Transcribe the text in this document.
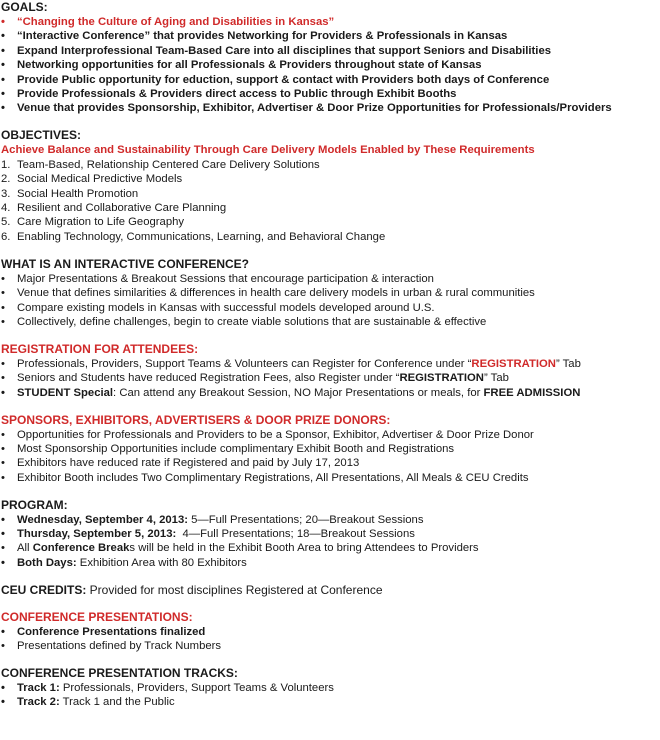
GOALS:
•	“Changing the Culture of Aging and Disabilities in Kansas”
•	“Interactive Conference” that provides Networking for Providers & Professionals in Kansas
•	Expand Interprofessional Team-Based Care into all disciplines that support Seniors and Disabilities
•	Networking opportunities for all Professionals & Providers throughout state of Kansas
•	Provide Public opportunity for eduction, support & contact with Providers both days of Conference
•	Provide Professionals & Providers direct access to Public through Exhibit Booths
•	Venue that provides Sponsorship, Exhibitor, Advertiser & Door Prize Opportunities for Professionals/Providers
OBJECTIVES:
Achieve Balance and Sustainability Through Care Delivery Models Enabled by These Requirements
1. Team-Based, Relationship Centered Care Delivery Solutions
2. Social Medical Predictive Models
3. Social Health Promotion
4. Resilient and Collaborative Care Planning
5. Care Migration to Life Geography
6. Enabling Technology, Communications, Learning, and Behavioral Change
WHAT IS AN INTERACTIVE CONFERENCE?
•	Major Presentations & Breakout Sessions that encourage participation & interaction
•	Venue that defines similarities & differences in health care delivery models in urban & rural communities
•	Compare existing models in Kansas with successful models developed around U.S.
•	Collectively, define challenges, begin to create viable solutions that are sustainable & effective
REGISTRATION FOR ATTENDEES:
•	Professionals, Providers, Support Teams & Volunteers can Register for Conference under “REGISTRATION” Tab
•	Seniors and Students have reduced Registration Fees, also Register under “REGISTRATION” Tab
•	STUDENT Special: Can attend any Breakout Session, NO Major Presentations or meals, for FREE ADMISSION
SPONSORS, EXHIBITORS, ADVERTISERS & DOOR PRIZE DONORS:
•	Opportunities for Professionals and Providers to be a Sponsor, Exhibitor, Advertiser & Door Prize Donor
•	Most Sponsorship Opportunities include complimentary Exhibit Booth and Registrations
•	Exhibitors have reduced rate if Registered and paid by July 17, 2013
•	Exhibitor Booth includes Two Complimentary Registrations, All Presentations, All Meals & CEU Credits
PROGRAM:
•	Wednesday, September 4, 2013: 5—Full Presentations; 20—Breakout Sessions
•	Thursday, September 5, 2013:  4—Full Presentations; 18—Breakout Sessions
•	All Conference Breaks will be held in the Exhibit Booth Area to bring Attendees to Providers
•	Both Days: Exhibition Area with 80 Exhibitors
CEU CREDITS: Provided for most disciplines Registered at Conference
CONFERENCE PRESENTATIONS:
•	Conference Presentations finalized
•	Presentations defined by Track Numbers
CONFERENCE PRESENTATION TRACKS:
•	Track 1: Professionals, Providers, Support Teams & Volunteers
•	Track 2: Track 1 and the Public
